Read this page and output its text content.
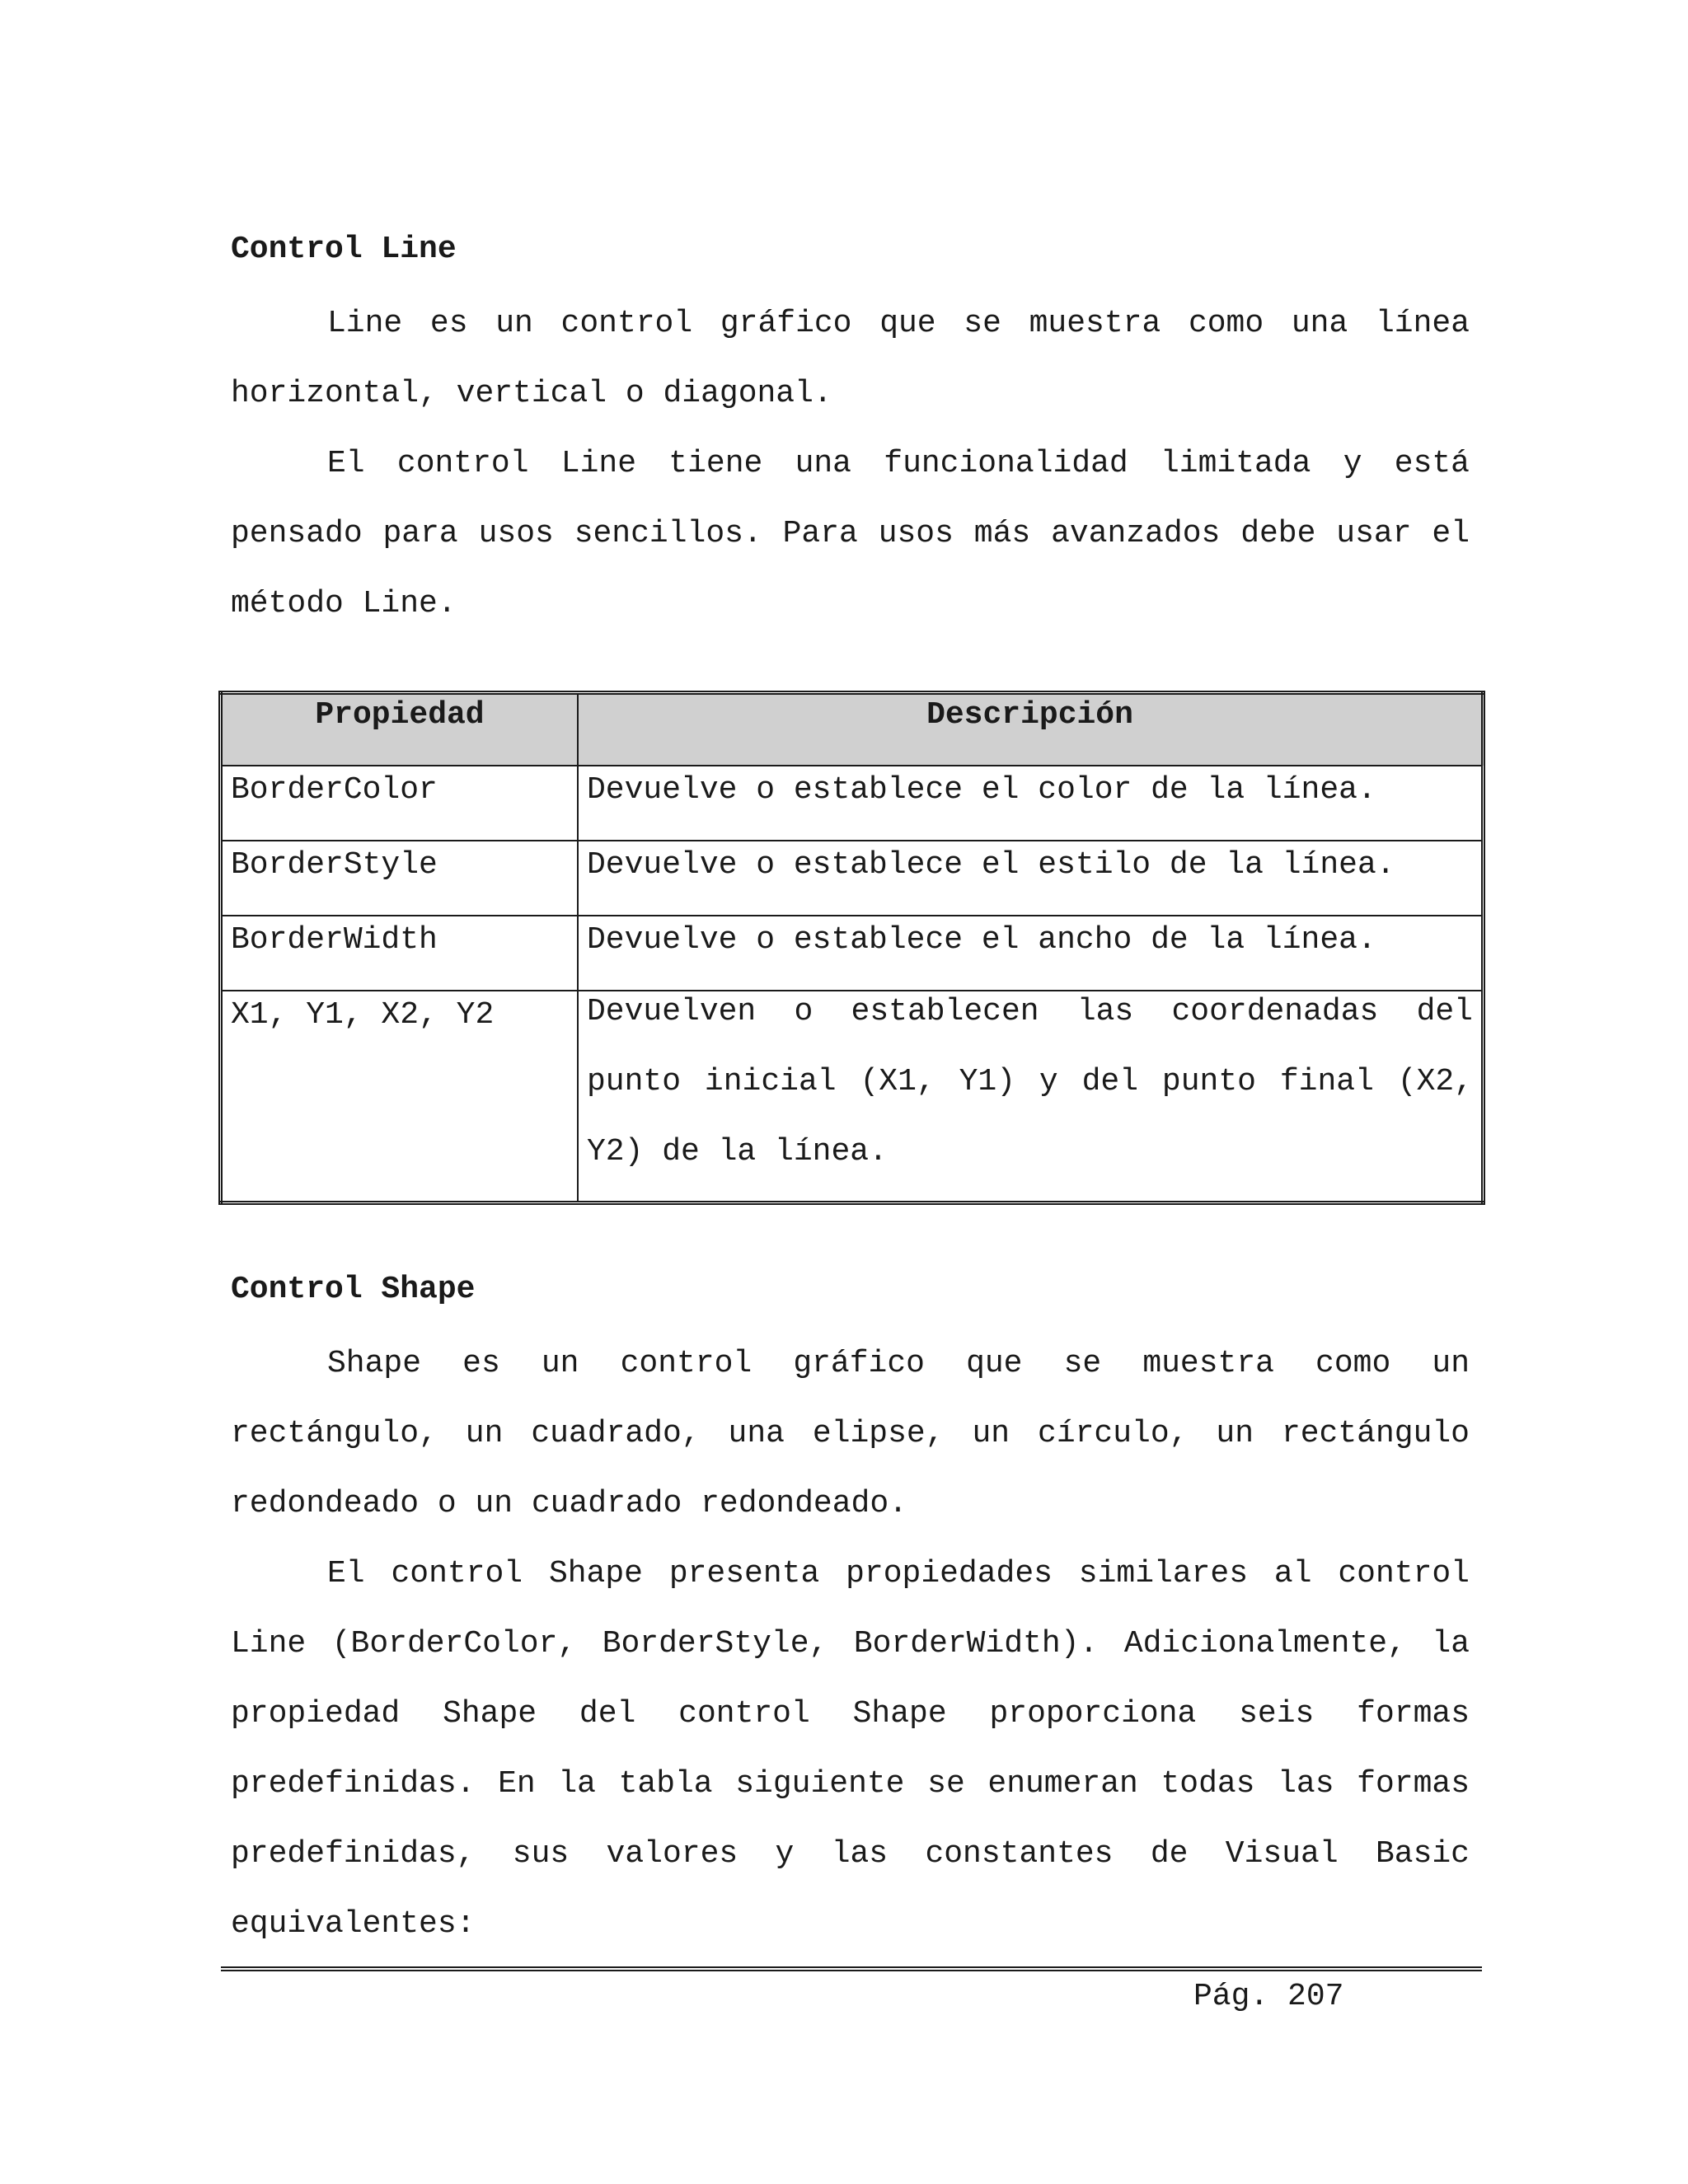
Control Line

Line es un control gráfico que se muestra como una línea horizontal, vertical o diagonal.

El control Line tiene una funcionalidad limitada y está pensado para usos sencillos. Para usos más avanzados debe usar el método Line.

Propiedad	Descripción
BorderColor	Devuelve o establece el color de la línea.
BorderStyle	Devuelve o establece el estilo de la línea.
BorderWidth	Devuelve o establece el ancho de la línea.
X1, Y1, X2, Y2	Devuelven o establecen las coordenadas del punto inicial (X1, Y1) y del punto final (X2, Y2) de la línea.
Control Shape

Shape es un control gráfico que se muestra como un rectángulo, un cuadrado, una elipse, un círculo, un rectángulo redondeado o un cuadrado redondeado.

El control Shape presenta propiedades similares al control Line (BorderColor, BorderStyle, BorderWidth). Adicionalmente, la propiedad Shape del control Shape proporciona seis formas predefinidas. En la tabla siguiente se enumeran todas las formas predefinidas, sus valores y las constantes de Visual Basic equivalentes:

Pág. 207
